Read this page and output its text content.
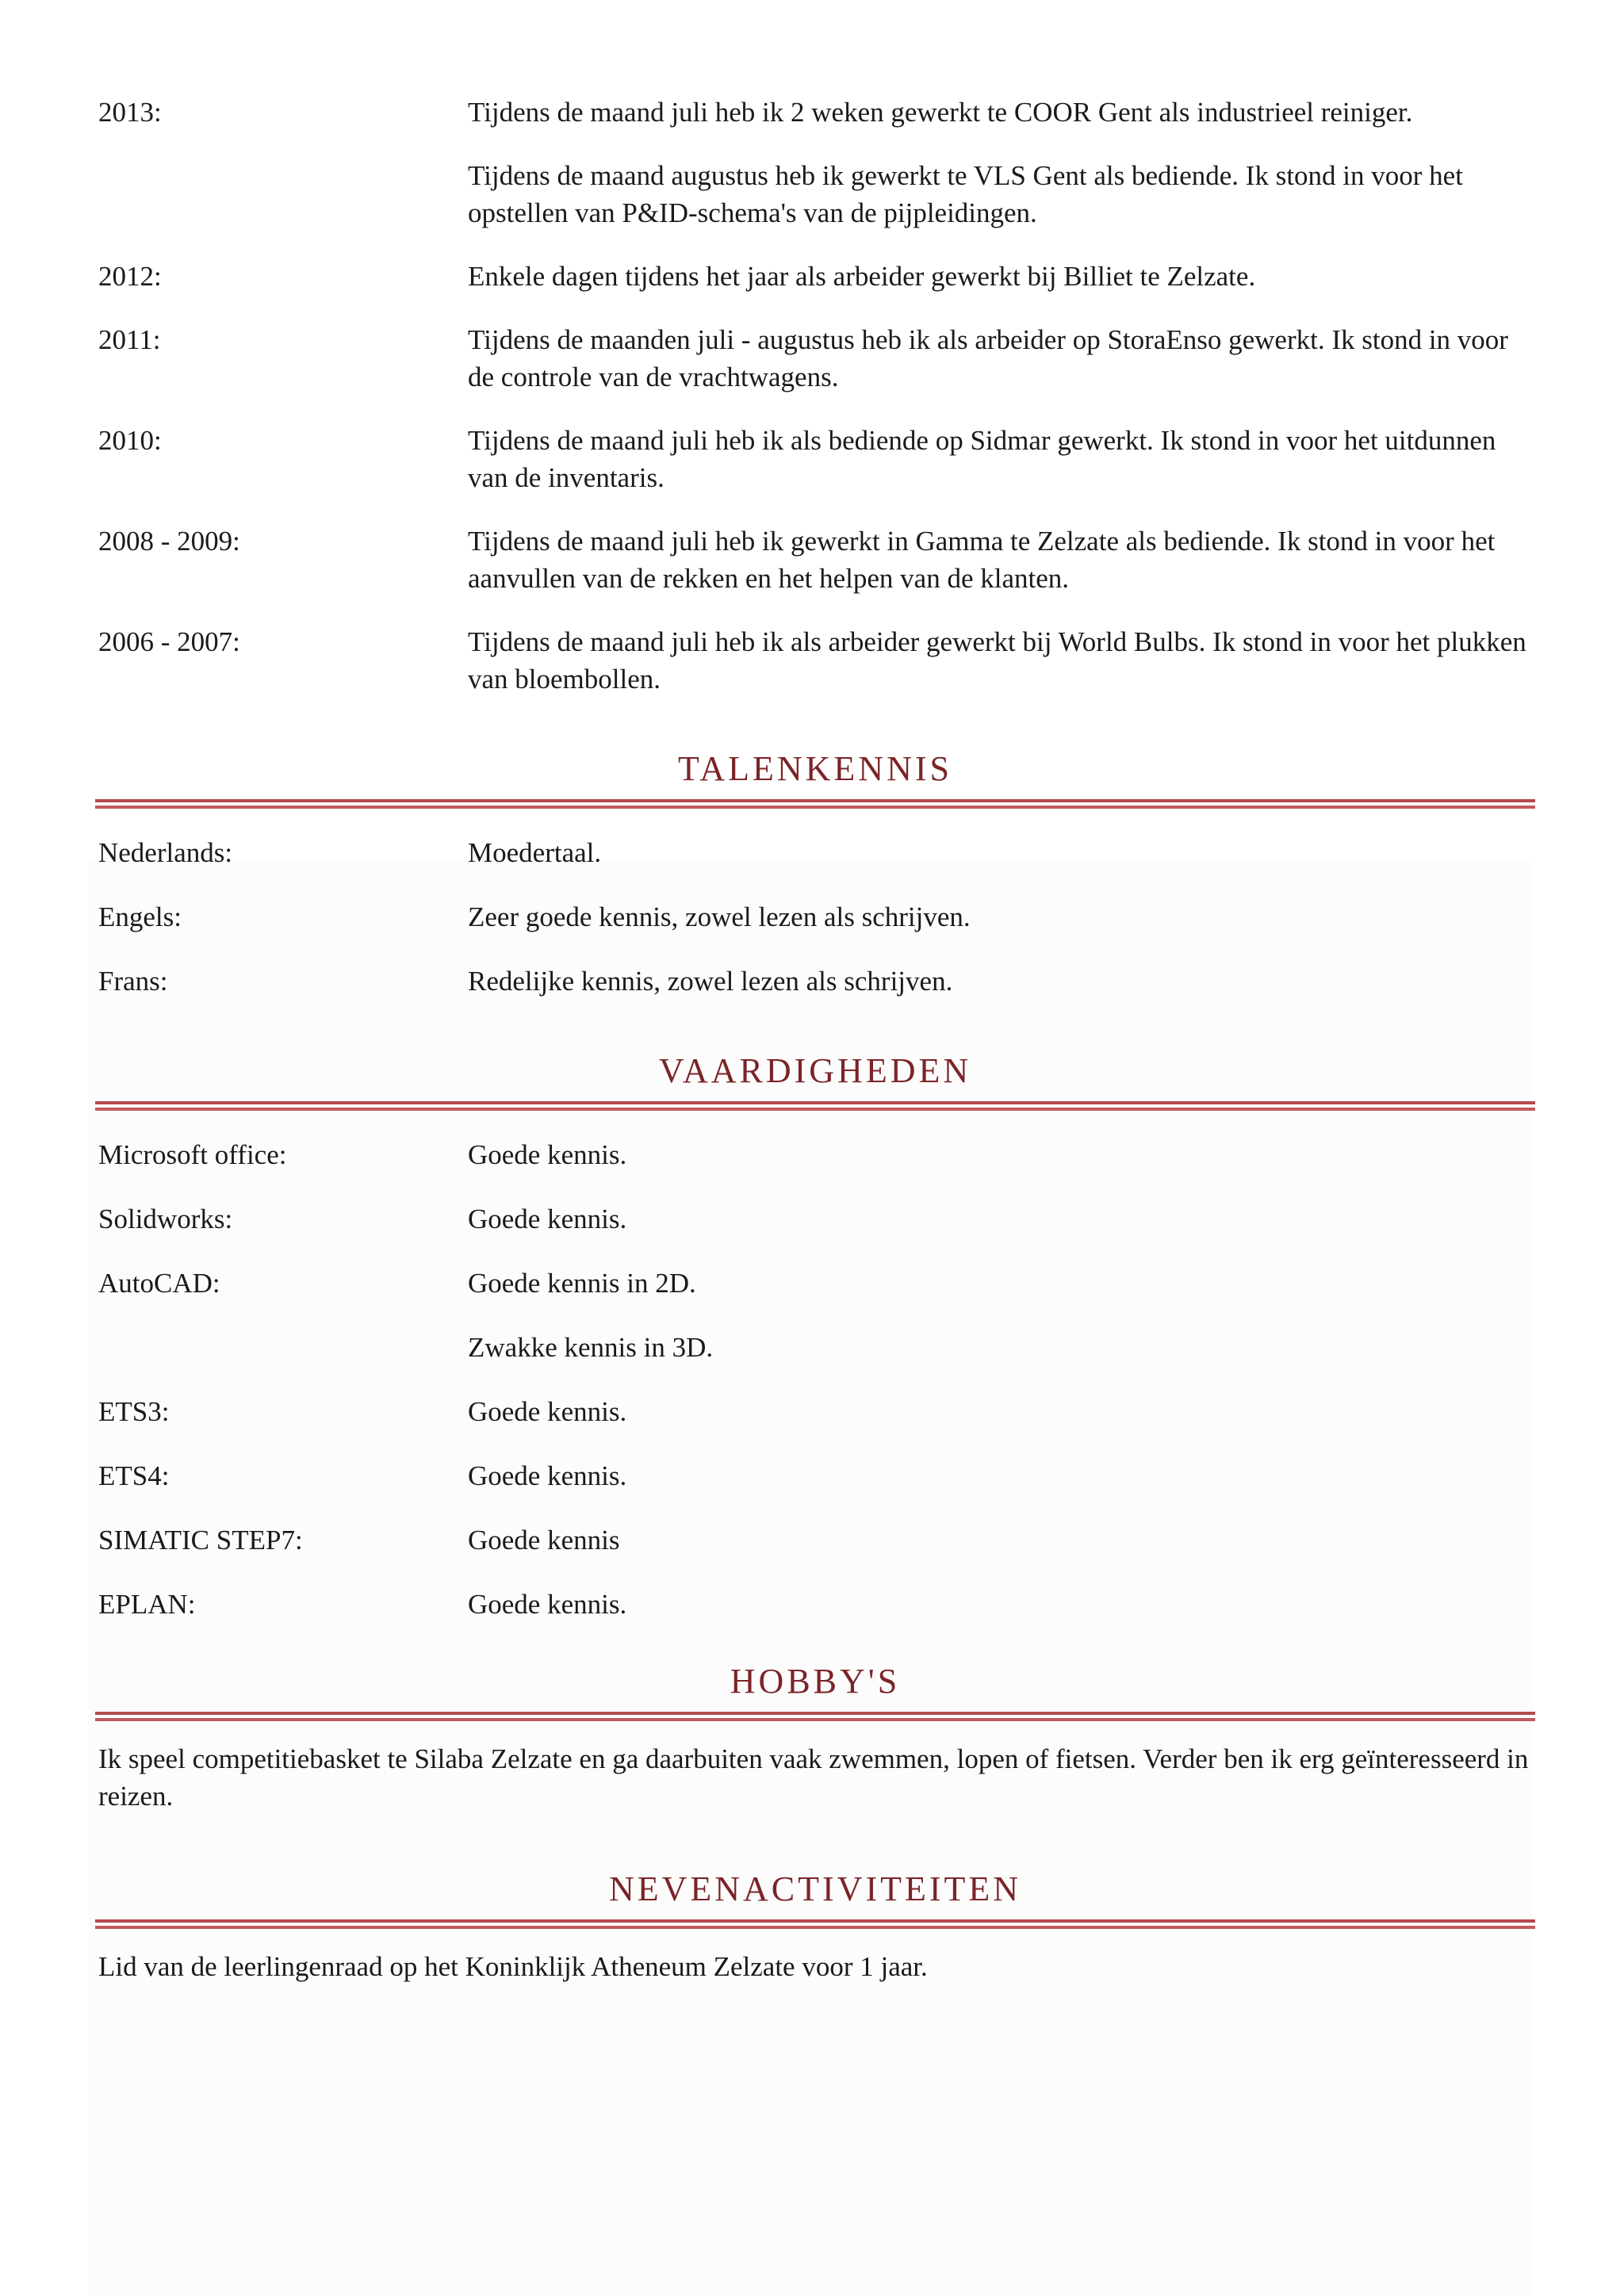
2013:	Tijdens de maand juli heb ik 2 weken gewerkt te COOR Gent als industrieel reiniger.

Tijdens de maand augustus heb ik gewerkt te VLS Gent als bediende. Ik stond in voor het opstellen van P&ID-schema's van de pijpleidingen.

2012:	Enkele dagen tijdens het jaar als arbeider gewerkt bij Billiet te Zelzate.

2011:	Tijdens de maanden juli - augustus heb ik als arbeider op StoraEnso gewerkt. Ik stond in voor de controle van de vrachtwagens.

2010:	Tijdens de maand juli heb ik als bediende op Sidmar gewerkt. Ik stond in voor het uitdunnen van de inventaris.

2008 - 2009:	Tijdens de maand juli heb ik gewerkt in Gamma te Zelzate als bediende. Ik stond in voor het aanvullen van de rekken en het helpen van de klanten.

2006 - 2007:	Tijdens de maand juli heb ik als arbeider gewerkt bij World Bulbs. Ik stond in voor het plukken van bloembollen.

TALENKENNIS
Nederlands:	Moedertaal.
Engels:	Zeer goede kennis, zowel lezen als schrijven.
Frans:	Redelijke kennis, zowel lezen als schrijven.
VAARDIGHEDEN
Microsoft office:	Goede kennis.
Solidworks:	Goede kennis.
AutoCAD:	Goede kennis in 2D.
Zwakke kennis in 3D.
ETS3:	Goede kennis.
ETS4:	Goede kennis.
SIMATIC STEP7:	Goede kennis
EPLAN:	Goede kennis.
HOBBY'S

Ik speel competitiebasket te Silaba Zelzate en ga daarbuiten vaak zwemmen, lopen of fietsen. Verder ben ik erg geïnteresseerd in reizen.

NEVENACTIVITEITEN

Lid van de leerlingenraad op het Koninklijk Atheneum Zelzate voor 1 jaar.
